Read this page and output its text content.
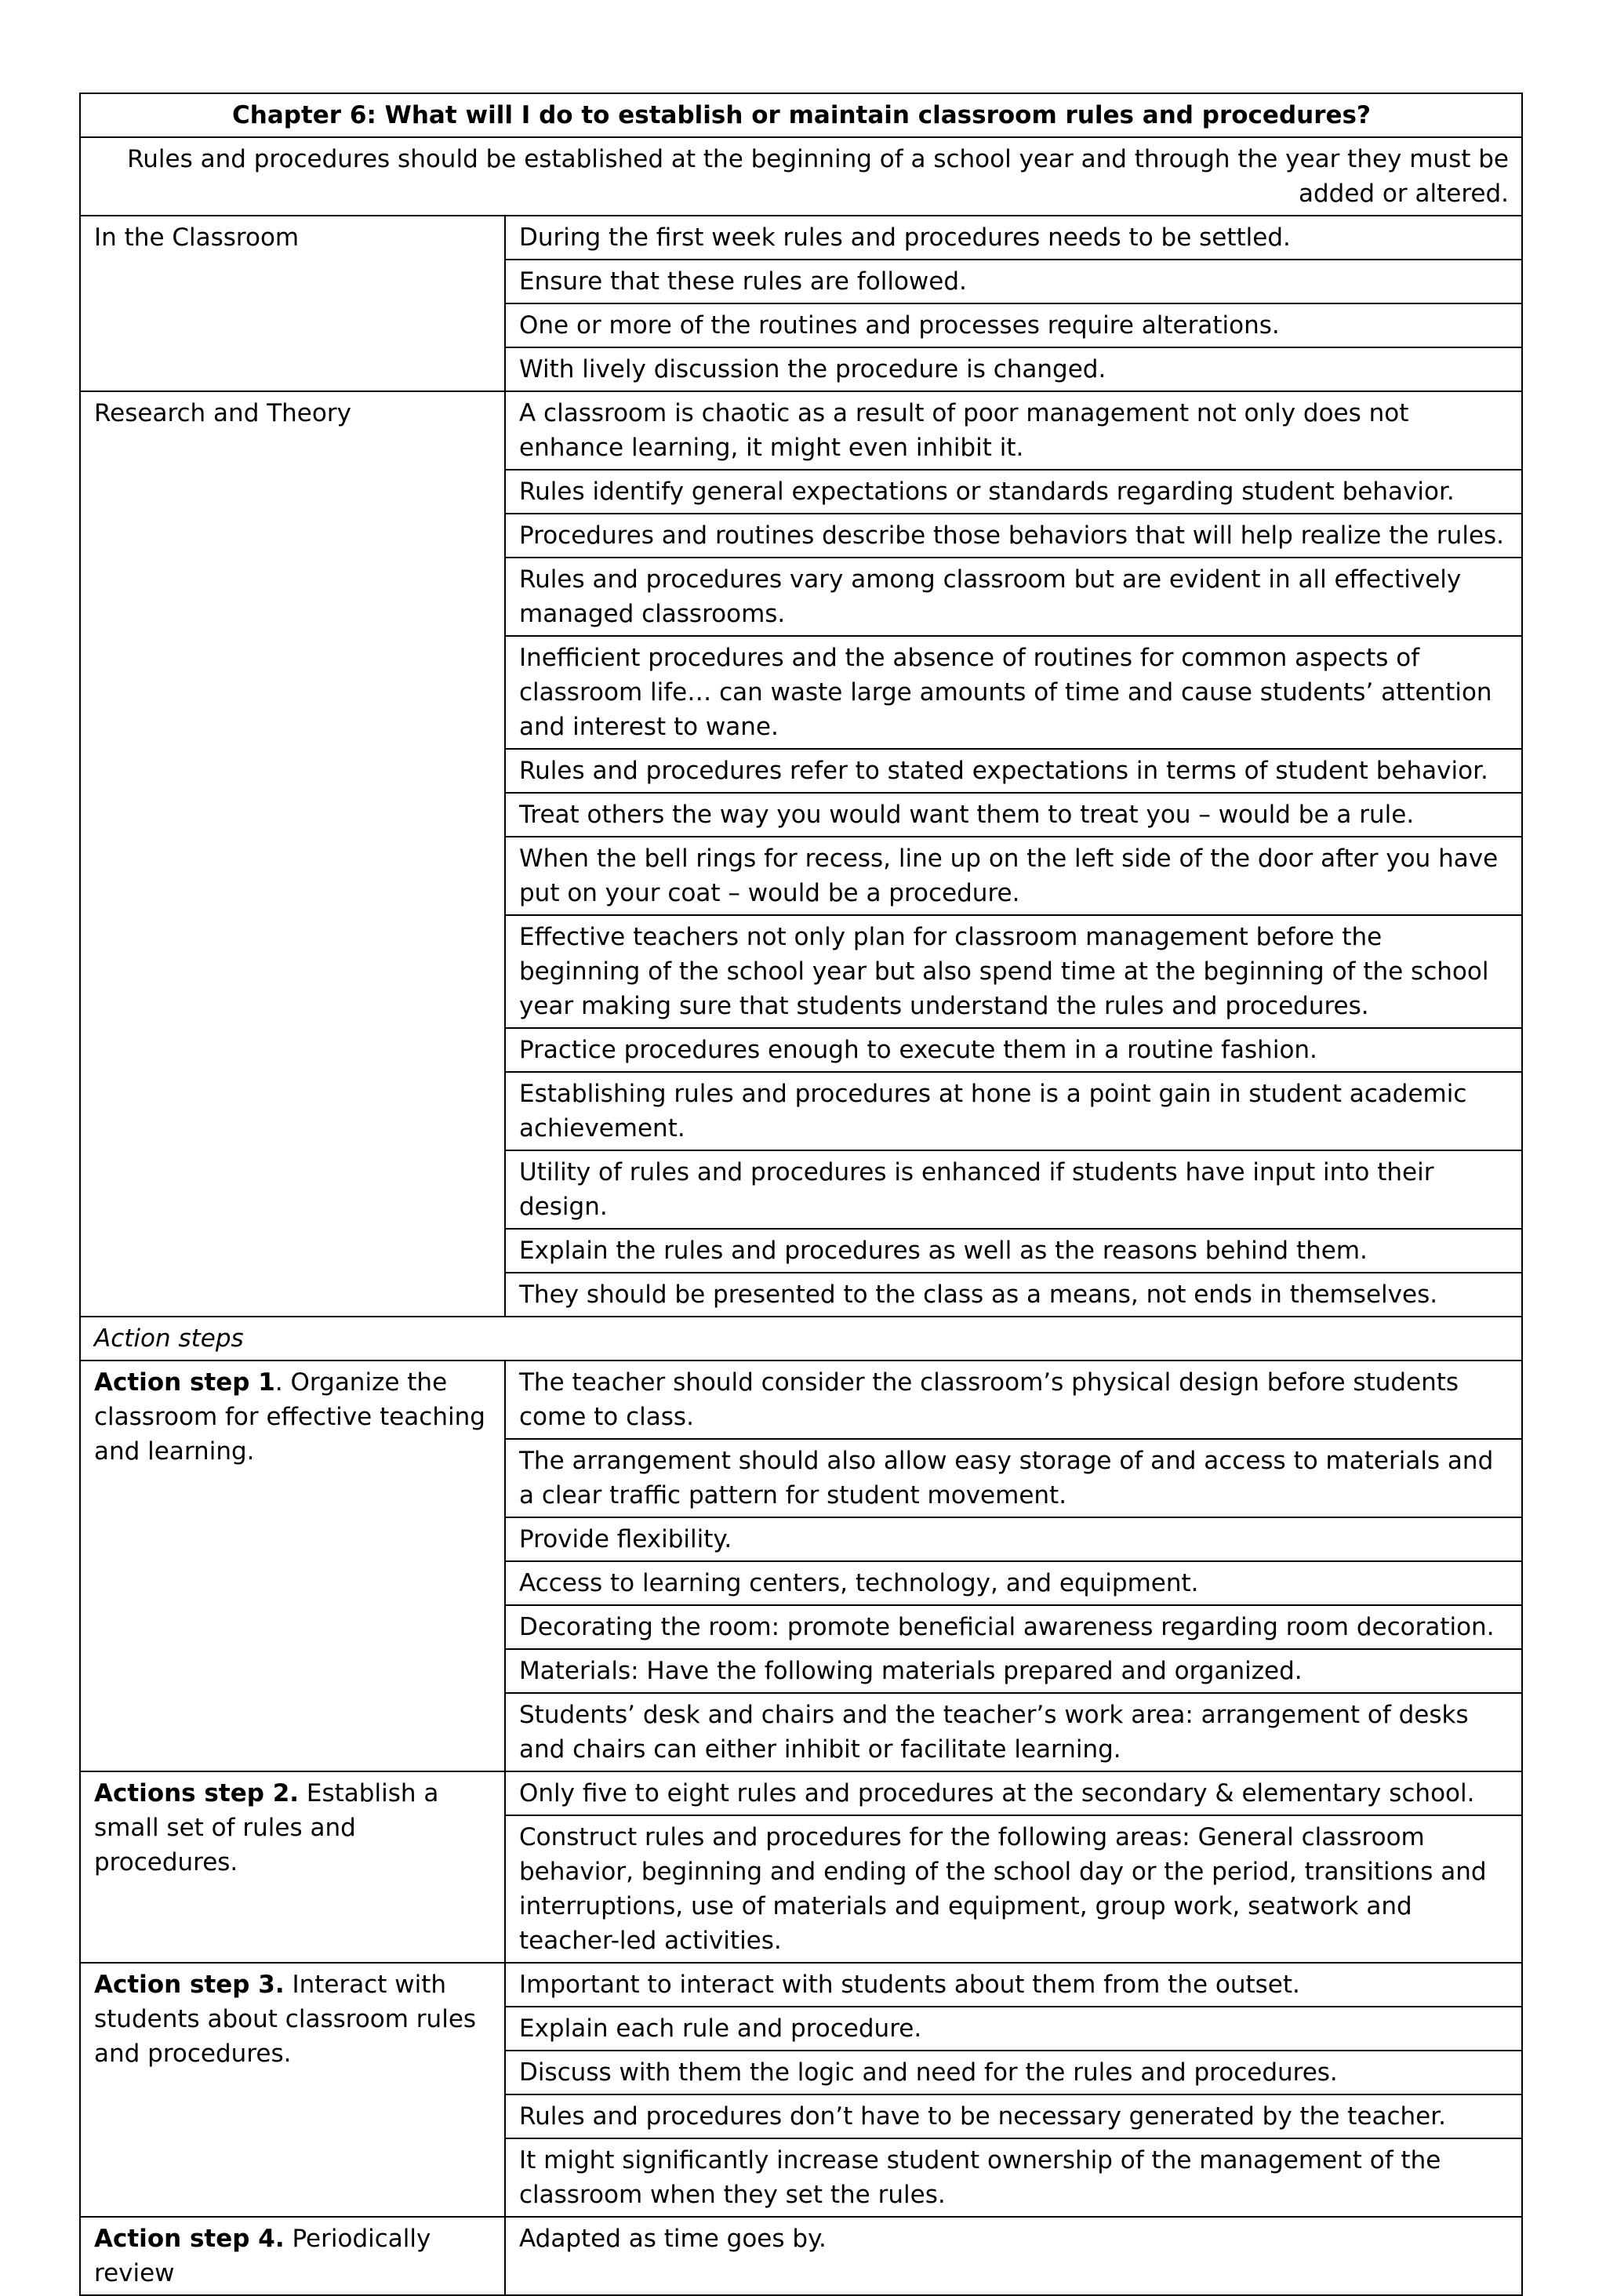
Chapter 6: What will I do to establish or maintain classroom rules and procedures?	
Rules and procedures should be established at the beginning of a school year and through the year they must be added or altered.	
In the Classroom	During the first week rules and procedures needs to be settled.
	Ensure that these rules are followed.
	One or more of the routines and processes require alterations.
	With lively discussion the procedure is changed.
Research and Theory	A classroom is chaotic as a result of poor management not only does not enhance learning, it might even inhibit it.
	Rules identify general expectations or standards regarding student behavior.
	Procedures and routines describe those behaviors that will help realize the rules.
	Rules and procedures vary among classroom but are evident in all effectively managed classrooms.
	Inefficient procedures and the absence of routines for common aspects of classroom life… can waste large amounts of time and cause students’ attention and interest to wane.
	Rules and procedures refer to stated expectations in terms of student behavior.
	Treat others the way you would want them to treat you – would be a rule.
	When the bell rings for recess, line up on the left side of the door after you have put on your coat – would be a procedure.
	Effective teachers not only plan for classroom management before the beginning of the school year but also spend time at the beginning of the school year making sure that students understand the rules and procedures.
	Practice procedures enough to execute them in a routine fashion.
	Establishing rules and procedures at hone is a point gain in student academic achievement.
	Utility of rules and procedures is enhanced if students have input into their design.
	Explain the rules and procedures as well as the reasons behind them.
	They should be presented to the class as a means, not ends in themselves.
Action steps	
Action step 1. Organize the classroom for effective teaching and learning.	The teacher should consider the classroom’s physical design before students come to class.
	The arrangement should also allow easy storage of and access to materials and a clear traffic pattern for student movement.
	Provide flexibility.
	Access to learning centers, technology, and equipment.
	Decorating the room: promote beneficial awareness regarding room decoration.
	Materials: Have the following materials prepared and organized.
	Students’ desk and chairs and the teacher’s work area: arrangement of desks and chairs can either inhibit or facilitate learning.
Actions step 2. Establish a small set of rules and procedures.	Only five to eight rules and procedures at the secondary & elementary school.
	Construct rules and procedures for the following areas: General classroom behavior, beginning and ending of the school day or the period, transitions and interruptions, use of materials and equipment, group work, seatwork and teacher-led activities.
Action step 3. Interact with students about classroom rules and procedures.	Important to interact with students about them from the outset.
	Explain each rule and procedure.
	Discuss with them the logic and need for the rules and procedures.
	Rules and procedures don’t have to be necessary generated by the teacher.
	It might significantly increase student ownership of the management of the classroom when they set the rules.
Action step 4. Periodically review	Adapted as time goes by.
